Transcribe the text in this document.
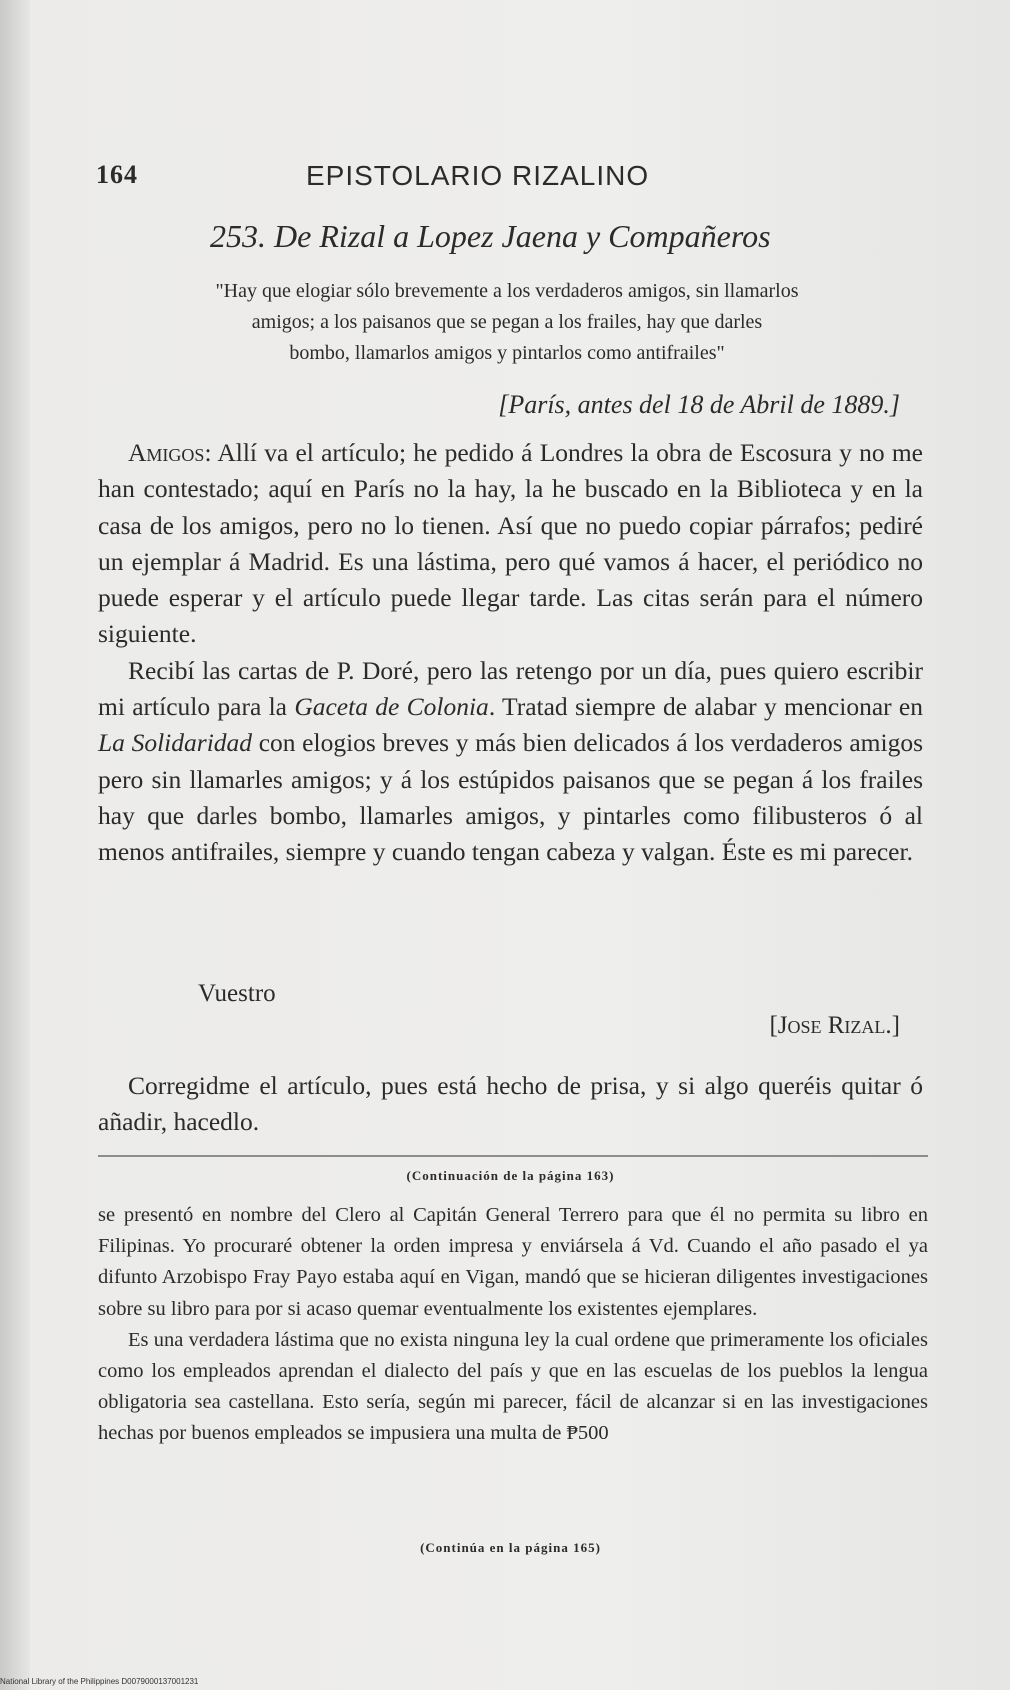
164	EPISTOLARIO RIZALINO
253. De Rizal a Lopez Jaena y Compañeros
"Hay que elogiar sólo brevemente a los verdaderos amigos, sin llamarlos
amigos; a los paisanos que se pegan a los frailes, hay que darles
bombo, llamarlos amigos y pintarlos como antifrailes"
[París, antes del 18 de Abril de 1889.]

Amigos: Allí va el artículo; he pedido á Londres la obra de Escosura y no me han contestado; aquí en París no la hay, la he buscado en la Biblioteca y en la casa de los amigos, pero no lo tienen. Así que no puedo copiar párrafos; pediré un ejemplar á Madrid. Es una lástima, pero qué vamos á hacer, el periódico no puede esperar y el artículo puede llegar tarde. Las citas serán para el número siguiente.

Recibí las cartas de P. Doré, pero las retengo por un día, pues quiero escribir mi artículo para la Gaceta de Colonia. Tratad siempre de alabar y mencionar en La Solidaridad con elogios breves y más bien delicados á los verdaderos amigos pero sin llamarles amigos; y á los estúpidos paisanos que se pegan á los frailes hay que darles bombo, llamarles amigos, y pintarles como filibusteros ó al menos antifrailes, siempre y cuando tengan cabeza y valgan. Éste es mi parecer.

Vuestro
[Jose Rizal.]
Corregidme el artículo, pues está hecho de prisa, y si algo queréis quitar ó añadir, hacedlo.
(Continuación de la página 163)

se presentó en nombre del Clero al Capitán General Terrero para que él no permita su libro en Filipinas. Yo procuraré obtener la orden impresa y enviársela á Vd. Cuando el año pasado el ya difunto Arzobispo Fray Payo estaba aquí en Vigan, mandó que se hicieran diligentes investigaciones sobre su libro para por si acaso quemar eventualmente los existentes ejemplares.

Es una verdadera lástima que no exista ninguna ley la cual ordene que primeramente los oficiales como los empleados aprendan el dialecto del país y que en las escuelas de los pueblos la lengua obligatoria sea castellana. Esto sería, según mi parecer, fácil de alcanzar si en las investigaciones hechas por buenos empleados se impusiera una multa de ₱500

(Continúa en la página 165)
National Library of the Philippines D0079000137001231
